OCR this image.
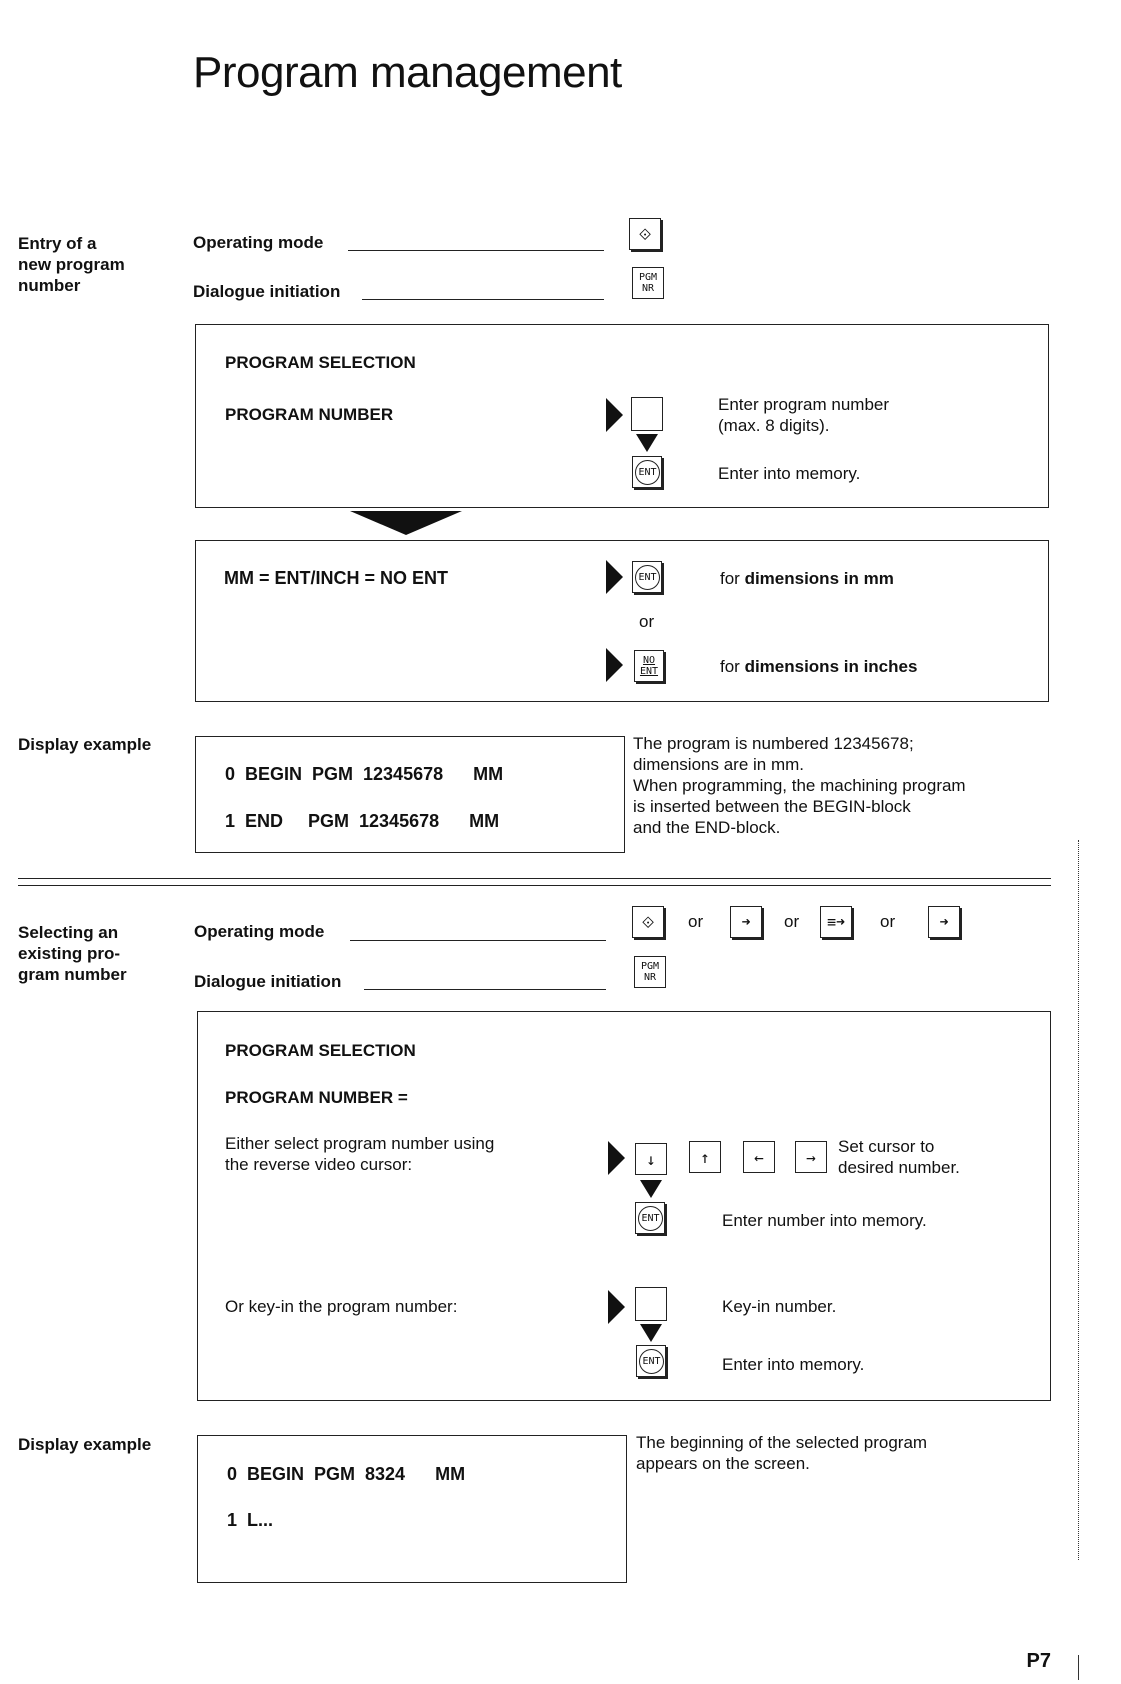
Program management
Entry of a
new program
number
Operating mode	⟐
Dialogue initiation
PGM
NR
PROGRAM SELECTION
PROGRAM NUMBER
ENT
Enter program number
(max. 8 digits).
Enter into memory.
MM = ENT/INCH = NO ENT	ENT	for dimensions in mm
or
NO
ENT	for dimensions in inches
Display example
0  BEGIN  PGM  12345678      MM
1  END     PGM  12345678      MM
The program is numbered 12345678;
dimensions are in mm.
When programming, the machining program
is inserted between the BEGIN-block
and the END-block.
Selecting an
existing pro-
gram number
Operating mode	⟐	or	➜	or	≡➜	or	➜
Dialogue initiation
PGM
NR
PROGRAM SELECTION
PROGRAM NUMBER =
Either select program number using
the reverse video cursor:	↓	↑	←	→
Set cursor to
desired number.
ENT	Enter number into memory.
Or key-in the program number:	Key-in number.
ENT	Enter into memory.
Display example
0  BEGIN  PGM  8324      MM
1  L...
The beginning of the selected program
appears on the screen.
P7
